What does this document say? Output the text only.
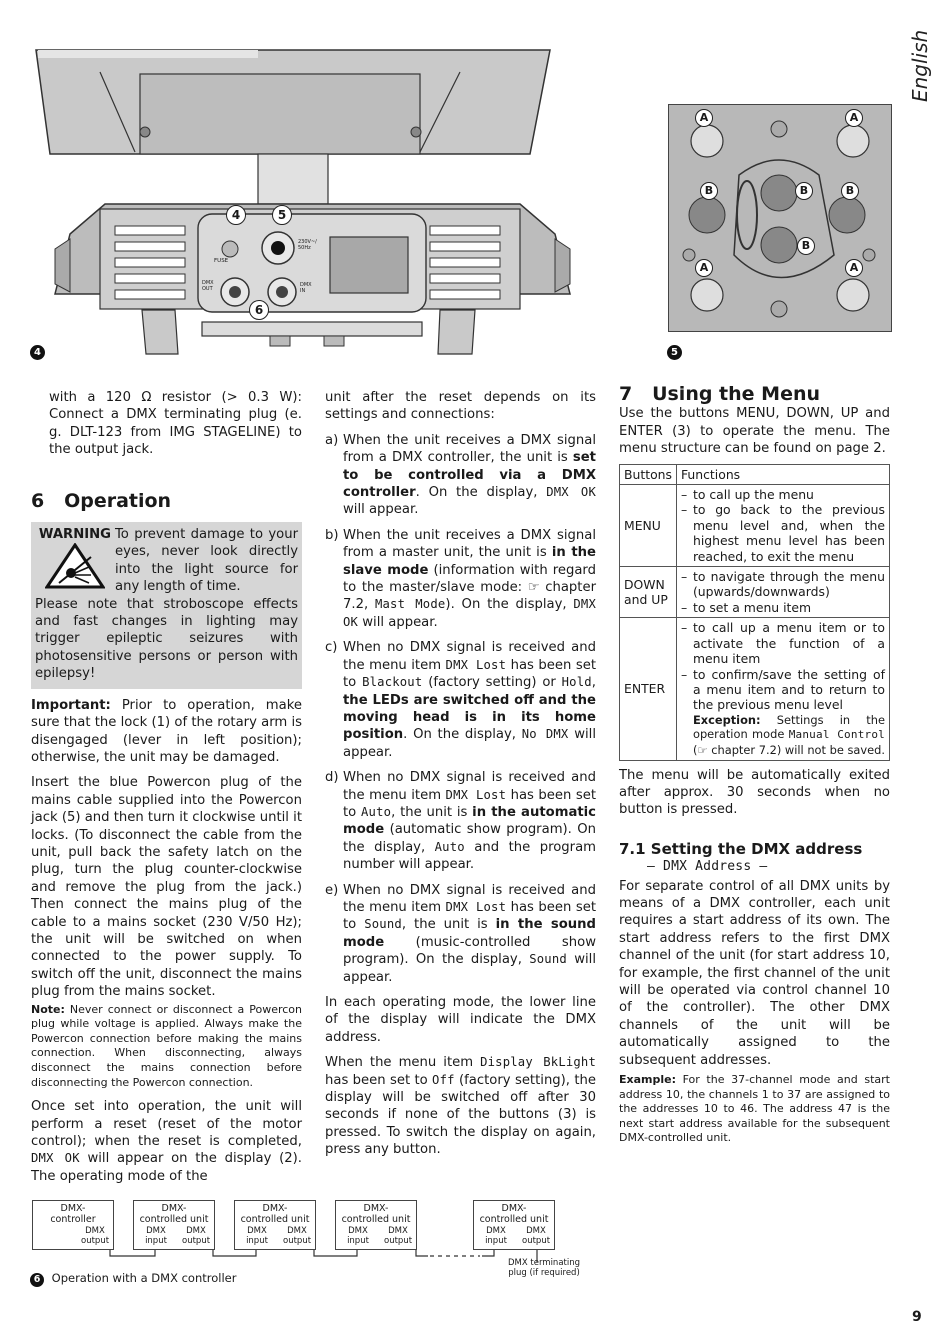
English
FUSE
230V~/ 50Hz
DMX OUT
DMX IN
4	5
6
4
A	A
A	A
B	B	B
B
5

with a 120 Ω resistor (> 0.3 W): Connect a DMX terminating plug (e. g. DLT-123 from IMG STAGELINE) to the output jack.

6   Operation
WARNING To prevent damage to your eyes, never look directly into the light source for any length of time.
Please note that stroboscope effects and fast changes in lighting may trigger epileptic seizures with photosensitive persons or person with epilepsy!

Important: Prior to operation, make sure that the lock (1) of the rotary arm is disengaged (lever in left position); otherwise, the unit may be damaged.

Insert the blue Powercon plug of the mains cable supplied into the Powercon jack (5) and then turn it clockwise until it locks. (To disconnect the cable from the unit, pull back the safety latch on the plug, turn the plug counter-clockwise and remove the plug from the jack.) Then connect the mains plug of the cable to a mains socket (230 V/50 Hz); the unit will be switched on when connected to the power supply. To switch off the unit, disconnect the mains plug from the mains socket.

Note: Never connect or disconnect a Powercon plug while voltage is applied. Always make the Powercon connection before making the mains connection. When disconnecting, always disconnect the mains connection before disconnecting the Powercon connection.

Once set into operation, the unit will perform a reset (reset of the motor control); when the reset is completed, DMX OK will appear on the display (2). The operating mode of the

unit after the reset depends on its settings and connections:

a) When the unit receives a DMX signal from a DMX controller, the unit is set to be controlled via a DMX controller. On the display, DMX OK will appear.
b) When the unit receives a DMX signal from a master unit, the unit is in the slave mode (information with regard to the master/slave mode: ☞ chapter 7.2, Mast Mode). On the display, DMX OK will appear.
c) When no DMX signal is received and the menu item DMX Lost has been set to Blackout (factory setting) or Hold, the LEDs are switched off and the moving head is in its home position. On the display, No DMX will appear.
d) When no DMX signal is received and the menu item DMX Lost has been set to Auto, the unit is in the automatic mode (automatic show program). On the display, Auto and the program number will appear.
e) When no DMX signal is received and the menu item DMX Lost has been set to Sound, the unit is in the sound mode (music-controlled show program). On the display, Sound will appear.

In each operating mode, the lower line of the display will indicate the DMX address.

When the menu item Display BkLight has been set to Off (factory setting), the display will be switched off after 30 seconds if none of the buttons (3) is pressed. To switch the display on again, press any button.

7   Using the Menu

Use the buttons MENU, DOWN, UP and ENTER (3) to operate the menu. The menu structure can be found on page 2.

Buttons	Functions
MENU	– to call up the menu
– to go back to the previous menu level and, when the highest menu level has been reached, to exit the menu

DOWN and UP	– to navigate through the menu (upwards/downwards)
– to set a menu item

ENTER	– to call up a menu item or to activate the function of a menu item
– to confirm/save the setting of a menu item and to return to the previous menu level
Exception: Settings in the operation mode Manual Control (☞ chapter 7.2) will not be saved.

The menu will be automatically exited after approx. 30 seconds when no button is pressed.

7.1 Setting the DMX address
– DMX Address –

For separate control of all DMX units by means of a DMX controller, each unit requires a start address of its own. The start address refers to the first DMX channel of the unit (for start address 10, for example, the first channel of the unit will be operated via control channel 10 of the controller). The other DMX channels of the unit will be automatically assigned to the subsequent addresses.

Example: For the 37-channel mode and start address 10, the channels 1 to 37 are assigned to the addresses 10 to 46. The address 47 is the next start address available for the subsequent DMX-controlled unit.

DMX-controller
DMX output
DMX-controlled unit
DMX input
DMX output
DMX-controlled unit
DMX input
DMX output
DMX-controlled unit
DMX input
DMX output
DMX-controlled unit
DMX input
DMX output
DMX terminating plug (if required)
6 Operation with a DMX controller
9
